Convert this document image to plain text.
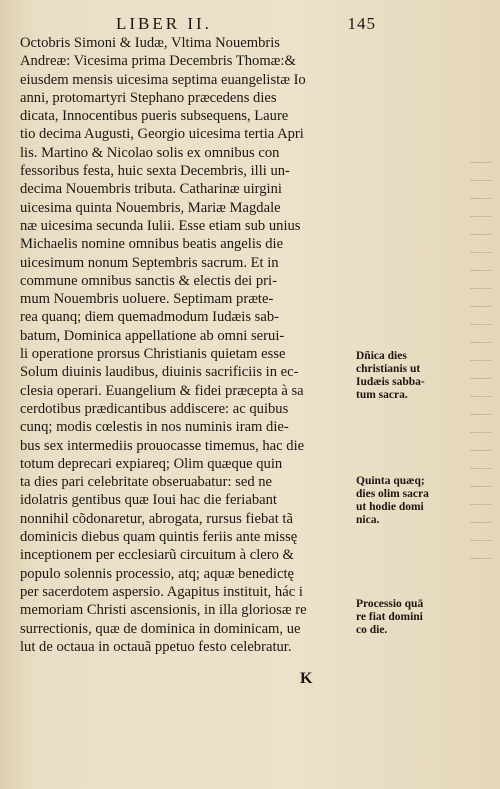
LIBER II.	145
Octobris Simoni & Iudæ, Vltima Nouembris
Andreæ: Vicesima prima Decembris Thomæ:&
eiusdem mensis uicesima septima euangelistæ Io
anni, protomartyri Stephano præcedens dies
dicata, Innocentibus pueris subsequens, Laure
tio decima Augusti, Georgio uicesima tertia Apri
lis. Martino & Nicolao solis ex omnibus con
fessoribus festa, huic sexta Decembris, illi un-
decima Nouembris tributa. Catharinæ uirgini
uicesima quinta Nouembris, Mariæ Magdale
næ uicesima secunda Iulii. Esse etiam sub unius
Michaelis nomine omnibus beatis angelis die
uicesimum nonum Septembris sacrum. Et in
commune omnibus sanctis & electis dei pri-
mum Nouembris uoluere. Septimam præte-
rea quanq; diem quemadmodum Iudæis sab-
batum, Dominica appellatione ab omni serui-
li operatione prorsus Christianis quietam esse
Solum diuinis laudibus, diuinis sacrificiis in ec-
clesia operari. Euangelium & fidei præcepta à sa
cerdotibus prædicantibus addiscere: ac quibus
cunq; modis cœlestis in nos numinis iram die-
bus sex intermediis prouocasse timemus, hac die
totum deprecari expiareq; Olim quæque quin
ta dies pari celebritate obseruabatur: sed ne
idolatris gentibus quæ Ioui hac die feriabant
nonnihil cõdonaretur, abrogata, rursus fiebat tã
dominicis diebus quam quintis feriis ante missę
inceptionem per ecclesiarũ circuitum à clero &
populo solennis processio, atq; aquæ benedictę
per sacerdotem aspersio. Agapitus instituit, hác i
memoriam Christi ascensionis, in illa gloriosæ re
surrectionis, quæ de dominica in dominicam, ue
lut de octaua in octauã ppetuo festo celebratur.
Dñica dies
christianis ut
Iudæis sabba-
tum sacra.
Quinta quæq;
dies olim sacra
ut hodie domi
nica.
Processio quā
re fiat domini
co die.
K
